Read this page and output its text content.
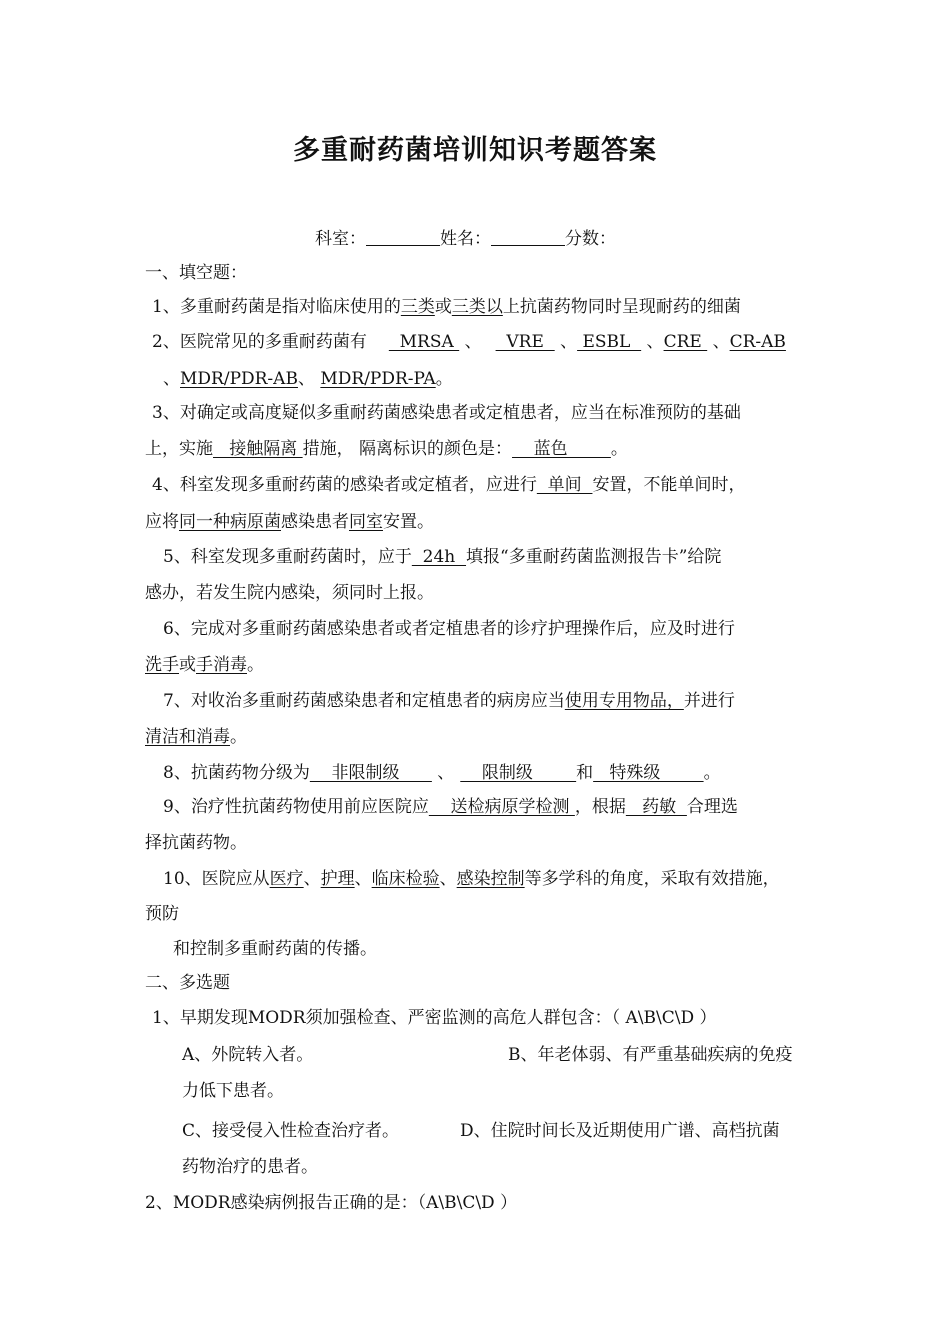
多重耐药菌培训知识考题答案
科室：	姓名：	分数：
一、填空题：
1、多重耐药菌是指对临床使用的三类或三类以上抗菌药物同时呈现耐药的细菌
2、医院常见的多重耐药菌有  MRSA  、  VRE   、 ESBL   、CRE  、CR-AB
、MDR/PDR-AB、 MDR/PDR-PA。
3、对确定或高度疑似多重耐药菌感染患者或定植患者，应当在标准预防的基础
上，实施   接触隔离 措施， 隔离标识的颜色是：    蓝色        。
4、科室发现多重耐药菌的感染者或定植者，应进行  单间  安置，不能单间时，
应将同一种病原菌感染患者同室安置。
5、科室发现多重耐药菌时，应于  24h  填报“多重耐药菌监测报告卡”给院
感办，若发生院内感染，须同时上报。
6、完成对多重耐药菌感染患者或者定植患者的诊疗护理操作后，应及时进行
洗手或手消毒。
7、对收治多重耐药菌感染患者和定植患者的病房应当使用专用物品，并进行
清洁和消毒。
8、抗菌药物分级为    非限制级       、    限制级        和   特殊级        。
9、治疗性抗菌药物使用前应医院应    送检病原学检测 ，根据   药敏  合理选
择抗菌药物。
10、医院应从医疗、护理、临床检验、感染控制等多学科的角度，采取有效措施，
预防
和控制多重耐药菌的传播。
二、多选题
1、早期发现MODR须加强检查、严密监测的高危人群包含：（ A\B\C\D ）
A、外院转入者。	B、年老体弱、有严重基础疾病的免疫
力低下患者。
C、接受侵入性检查治疗者。	D、住院时间长及近期使用广谱、高档抗菌
药物治疗的患者。
2、MODR感染病例报告正确的是：（A\B\C\D ）
